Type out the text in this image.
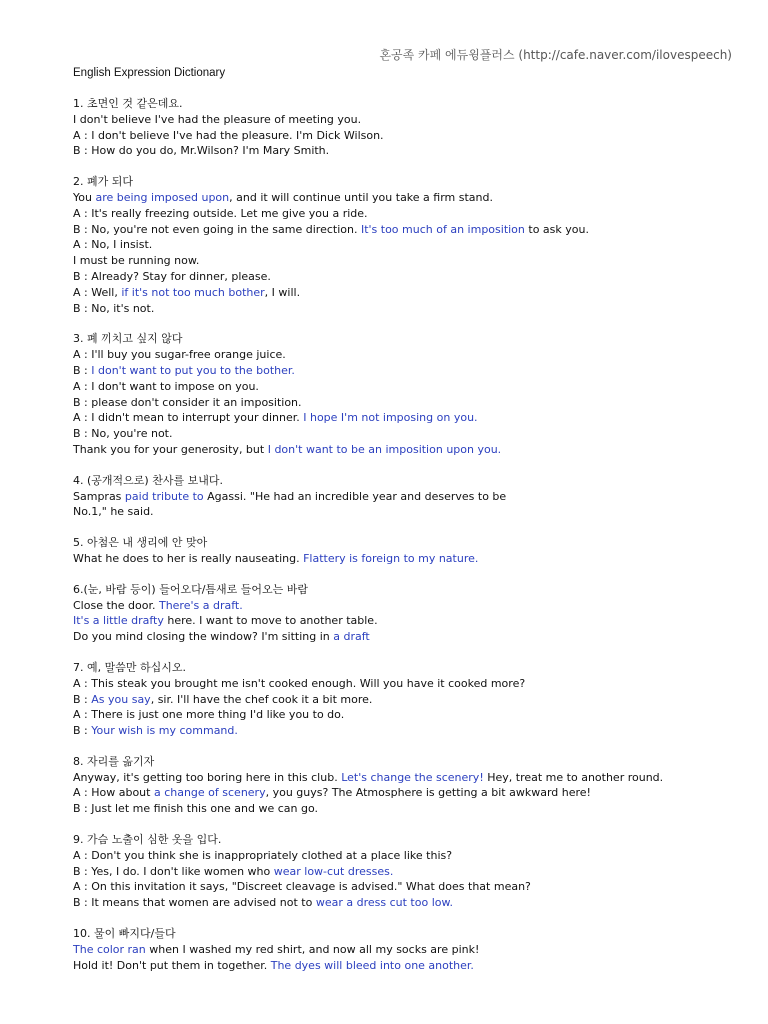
혼공족 카페 에듀윙플러스 (http://cafe.naver.com/ilovespeech)
English Expression Dictionary
1. 초면인 것 같은데요.
I don't believe I've had the pleasure of meeting you.
A : I don't believe I've had the pleasure. I'm Dick Wilson.
B : How do you do, Mr.Wilson? I'm Mary Smith.
2. 폐가 되다
You are being imposed upon, and it will continue until you take a firm stand.
A : It's really freezing outside. Let me give you a ride.
B : No, you're not even going in the same direction. It's too much of an imposition to ask you.
A : No, I insist.
I must be running now.
B : Already? Stay for dinner, please.
A : Well, if it's not too much bother, I will.
B : No, it's not.
3. 폐 끼치고 싶지 않다
A : I'll buy you sugar-free orange juice.
B : I don't want to put you to the bother.
A : I don't want to impose on you.
B : please don't consider it an imposition.
A : I didn't mean to interrupt your dinner. I hope I'm not imposing on you.
B : No, you're not.
Thank you for your generosity, but I don't want to be an imposition upon you.
4. (공개적으로) 찬사를 보내다.
Sampras paid tribute to Agassi. "He had an incredible year and deserves to be
No.1," he said.
5. 아첨은 내 생리에 안 맞아
What he does to her is really nauseating. Flattery is foreign to my nature.
6.(눈, 바람 등이) 들어오다/틈새로 들어오는 바람
Close the door. There's a draft.
It's a little drafty here. I want to move to another table.
Do you mind closing the window? I'm sitting in a draft
7. 예, 말씀만 하십시오.
A : This steak you brought me isn't cooked enough. Will you have it cooked more?
B : As you say, sir. I'll have the chef cook it a bit more.
A : There is just one more thing I'd like you to do.
B : Your wish is my command.
8. 자리를 옮기자
Anyway, it's getting too boring here in this club. Let's change the scenery! Hey, treat me to another round.
A : How about a change of scenery, you guys? The Atmosphere is getting a bit awkward here!
B : Just let me finish this one and we can go.
9. 가슴 노출이 심한 옷을 입다.
A : Don't you think she is inappropriately clothed at a place like this?
B : Yes, I do. I don't like women who wear low-cut dresses.
A : On this invitation it says, "Discreet cleavage is advised." What does that mean?
B : It means that women are advised not to wear a dress cut too low.
10. 물이 빠지다/들다
The color ran when I washed my red shirt, and now all my socks are pink!
Hold it! Don't put them in together. The dyes will bleed into one another.
